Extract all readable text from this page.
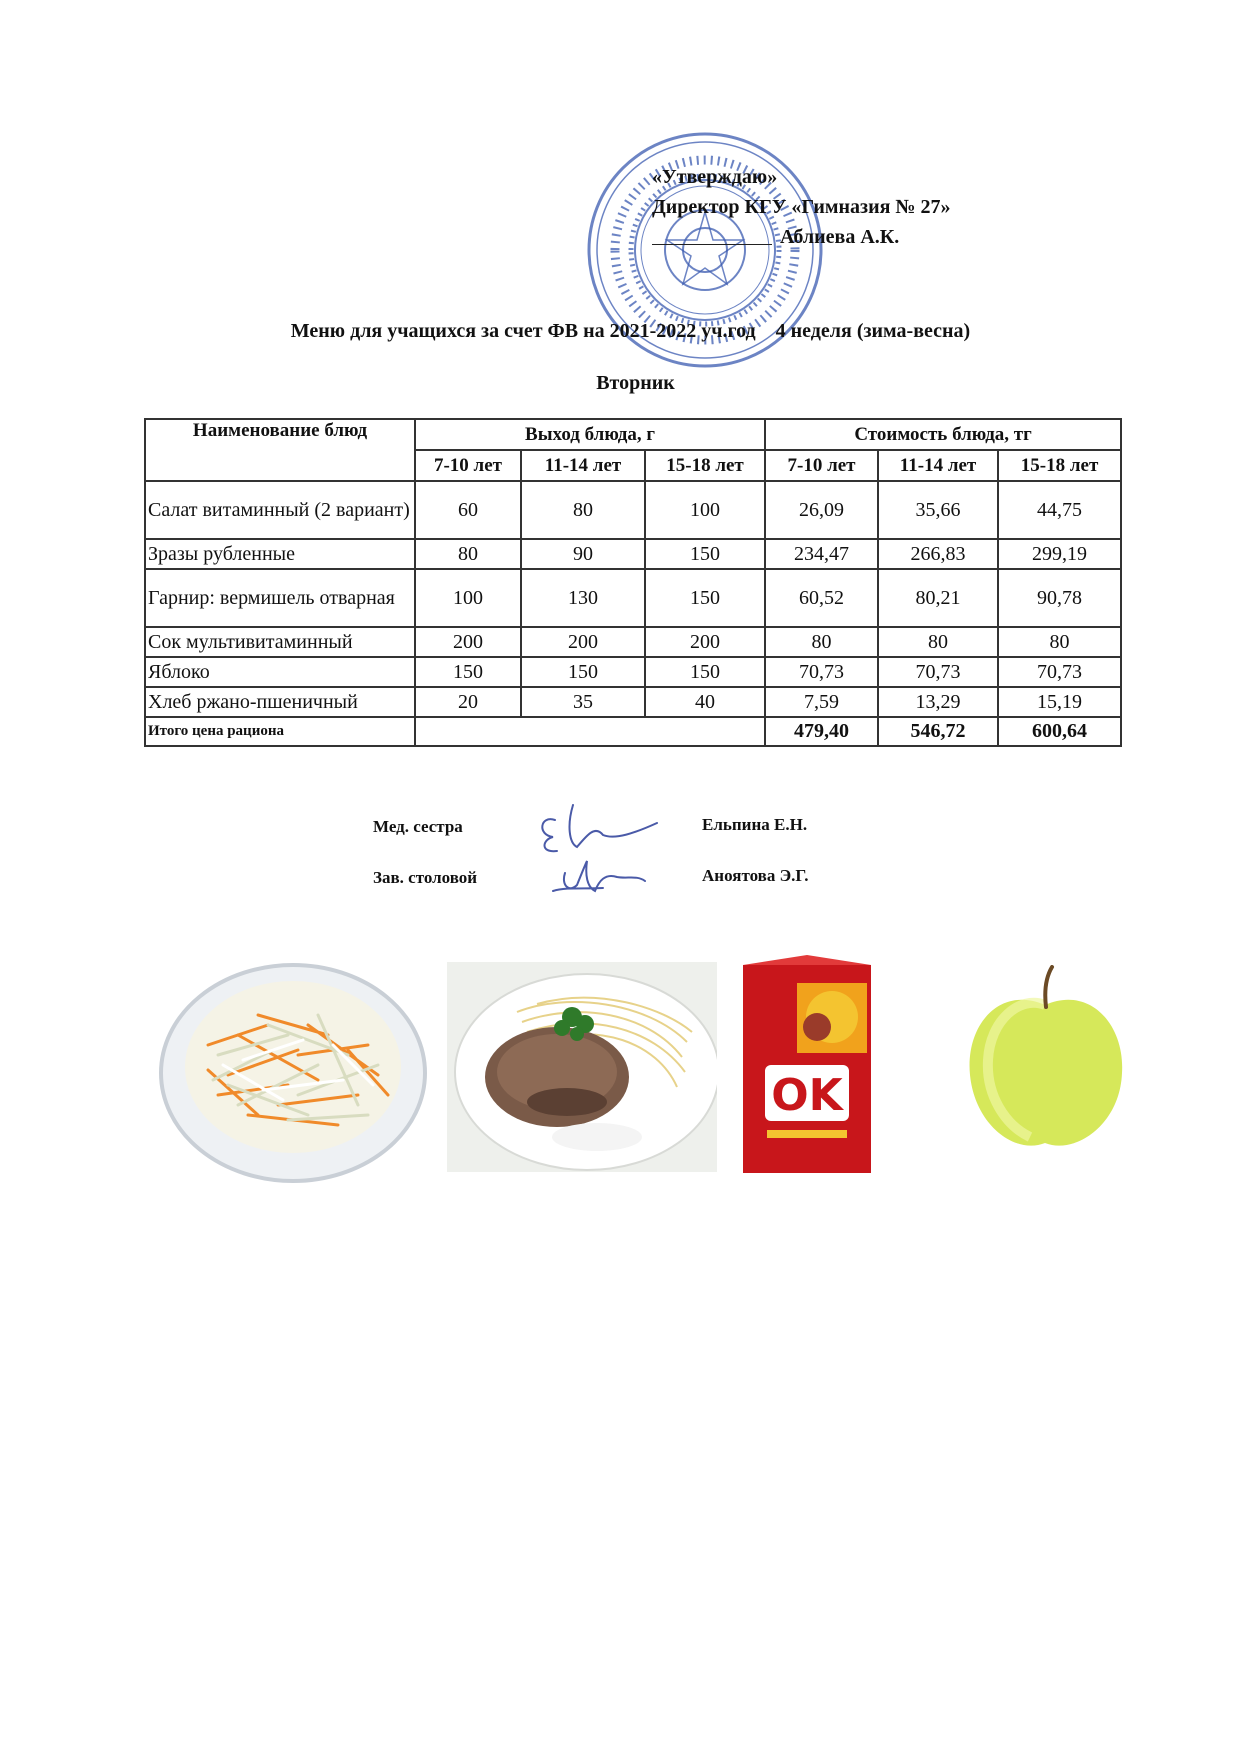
«Утверждаю»
Директор КГУ «Гимназия № 27»
Аблиева А.К.
Меню для учащихся за счет ФВ на 2021-2022 уч.год    4 неделя (зима-весна)
Вторник
Наименование блюд	Выход блюда, г			Стоимость блюда, тг		
	7-10 лет	11-14 лет	15-18 лет	7-10 лет	11-14 лет	15-18 лет
Салат витаминный (2 вариант)	60	80	100	26,09	35,66	44,75
Зразы рубленные	80	90	150	234,47	266,83	299,19
Гарнир: вермишель отварная	100	130	150	60,52	80,21	90,78
Сок мультивитаминный	200	200	200	80	80	80
Яблоко	150	150	150	70,73	70,73	70,73
Хлеб ржано-пшеничный	20	35	40	7,59	13,29	15,19
Итого цена рациона				479,40	546,72	600,64
Мед. сестра	Ельпина Е.Н.
Зав. столовой	Аноятова Э.Г.
OK
